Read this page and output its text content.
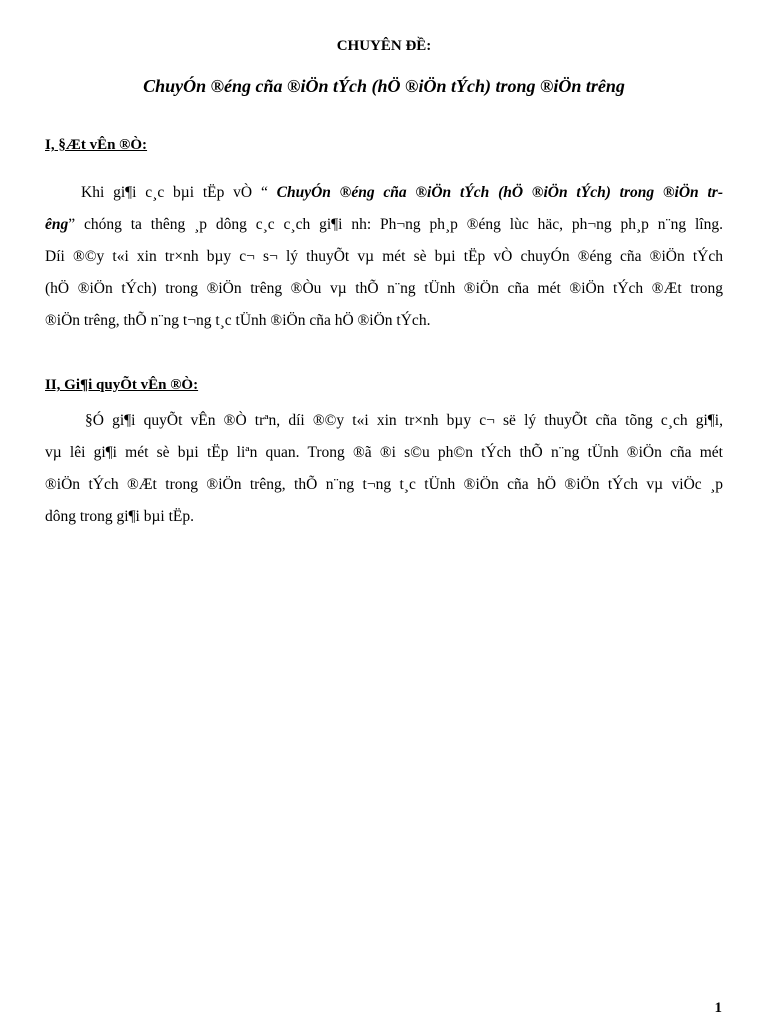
CHUYÊN ĐỀ:
ChuyÓn ®éng cña ®iÖn tÝch (hÖ ®iÖn tÝch) trong ®iÖn trêng
I, §Æt vÊn ®Ò:
Khi gi¶i c¸c bµi tËp vÒ “ ChuyÓn ®éng cña ®iÖn tÝch (hÖ ®iÖn tÝch) trong ®iÖn tr-
êng” chóng ta thêng ¸p dông c¸c c¸ch gi¶i nh: Ph¬ng ph¸p ®éng lùc häc, ph¬ng ph¸p n¨ng lîng.
Díi ®©y t«i xin tr×nh bµy c¬ s¬ lý thuyÕt vµ mét sè bµi tËp vÒ chuyÓn ®éng cña ®iÖn tÝch
(hÖ ®iÖn tÝch) trong ®iÖn trêng ®Òu vµ thÕ n¨ng tÜnh ®iÖn cña mét ®iÖn tÝch ®Æt trong
®iÖn trêng, thÕ n¨ng t¬ng t¸c tÜnh ®iÖn cña hÖ ®iÖn tÝch.
II, Gi¶i quyÕt vÊn ®Ò:
§Ó gi¶i quyÕt vÊn ®Ò trªn, díi ®©y t«i xin tr×nh bµy c¬ së lý thuyÕt cña tõng c¸ch gi¶i,
vµ lêi gi¶i mét sè bµi tËp liªn quan. Trong ®ã ®i s©u ph©n tÝch thÕ n¨ng tÜnh ®iÖn cña mét
®iÖn tÝch ®Æt trong ®iÖn trêng, thÕ n¨ng t¬ng t¸c tÜnh ®iÖn cña hÖ ®iÖn tÝch vµ viÖc ¸p
dông trong gi¶i bµi tËp.
1
